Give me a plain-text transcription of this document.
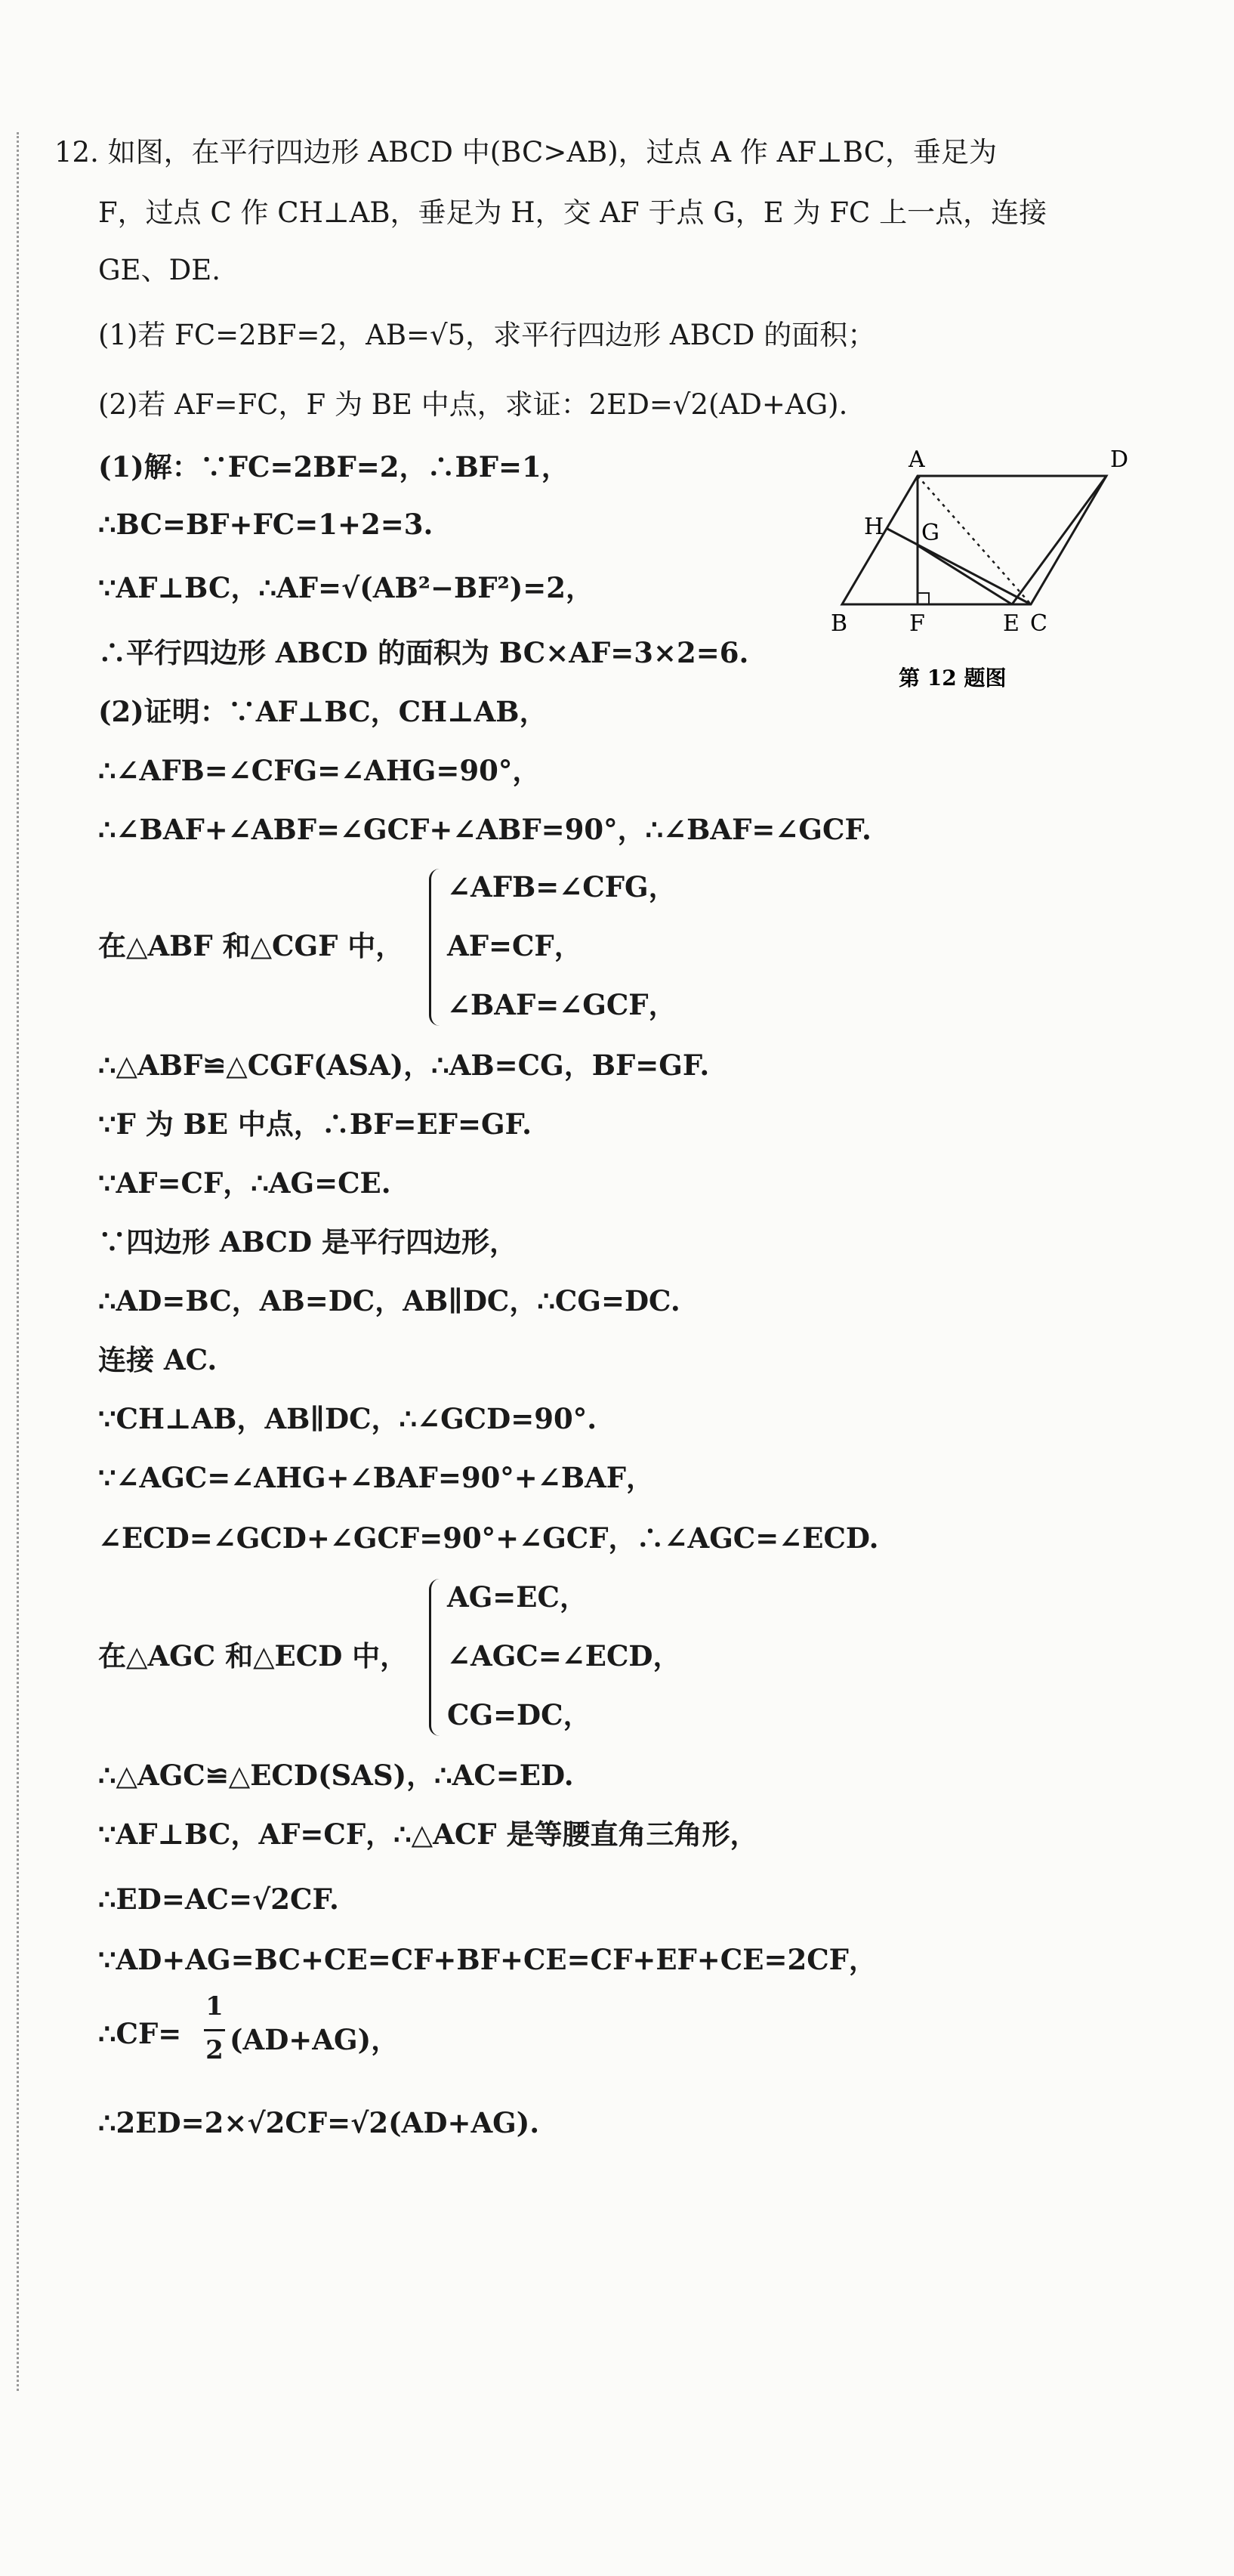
12. 如图，在平行四边形 ABCD 中(BC>AB)，过点 A 作 AF⊥BC，垂足为
F，过点 C 作 CH⊥AB，垂足为 H，交 AF 于点 G，E 为 FC 上一点，连接
GE、DE.
(1)若 FC=2BF=2，AB=√5，求平行四边形 ABCD 的面积；
(2)若 AF=FC，F 为 BE 中点，求证：2ED=√2(AD+AG).
A	D
H G
B	F	E C
第 12 题图
(1)解：∵FC=2BF=2，∴BF=1，
∴BC=BF+FC=1+2=3.
∵AF⊥BC，∴AF=√(AB²−BF²)=2，
∴平行四边形 ABCD 的面积为 BC×AF=3×2=6.
(2)证明：∵AF⊥BC，CH⊥AB，
∴∠AFB=∠CFG=∠AHG=90°，
∴∠BAF+∠ABF=∠GCF+∠ABF=90°，∴∠BAF=∠GCF.
在△ABF 和△CGF 中，
∠AFB=∠CFG，
AF=CF，
∠BAF=∠GCF，
∴△ABF≌△CGF(ASA)，∴AB=CG，BF=GF.
∵F 为 BE 中点，∴BF=EF=GF.
∵AF=CF，∴AG=CE.
∵四边形 ABCD 是平行四边形，
∴AD=BC，AB=DC，AB∥DC，∴CG=DC.
连接 AC.
∵CH⊥AB，AB∥DC，∴∠GCD=90°.
∵∠AGC=∠AHG+∠BAF=90°+∠BAF，
∠ECD=∠GCD+∠GCF=90°+∠GCF，∴∠AGC=∠ECD.
在△AGC 和△ECD 中，
AG=EC，
∠AGC=∠ECD，
CG=DC，
∴△AGC≌△ECD(SAS)，∴AC=ED.
∵AF⊥BC，AF=CF，∴△ACF 是等腰直角三角形，
∴ED=AC=√2CF.
∵AD+AG=BC+CE=CF+BF+CE=CF+EF+CE=2CF，
∴CF=
1
2 (AD+AG)，
∴2ED=2×√2CF=√2(AD+AG).
